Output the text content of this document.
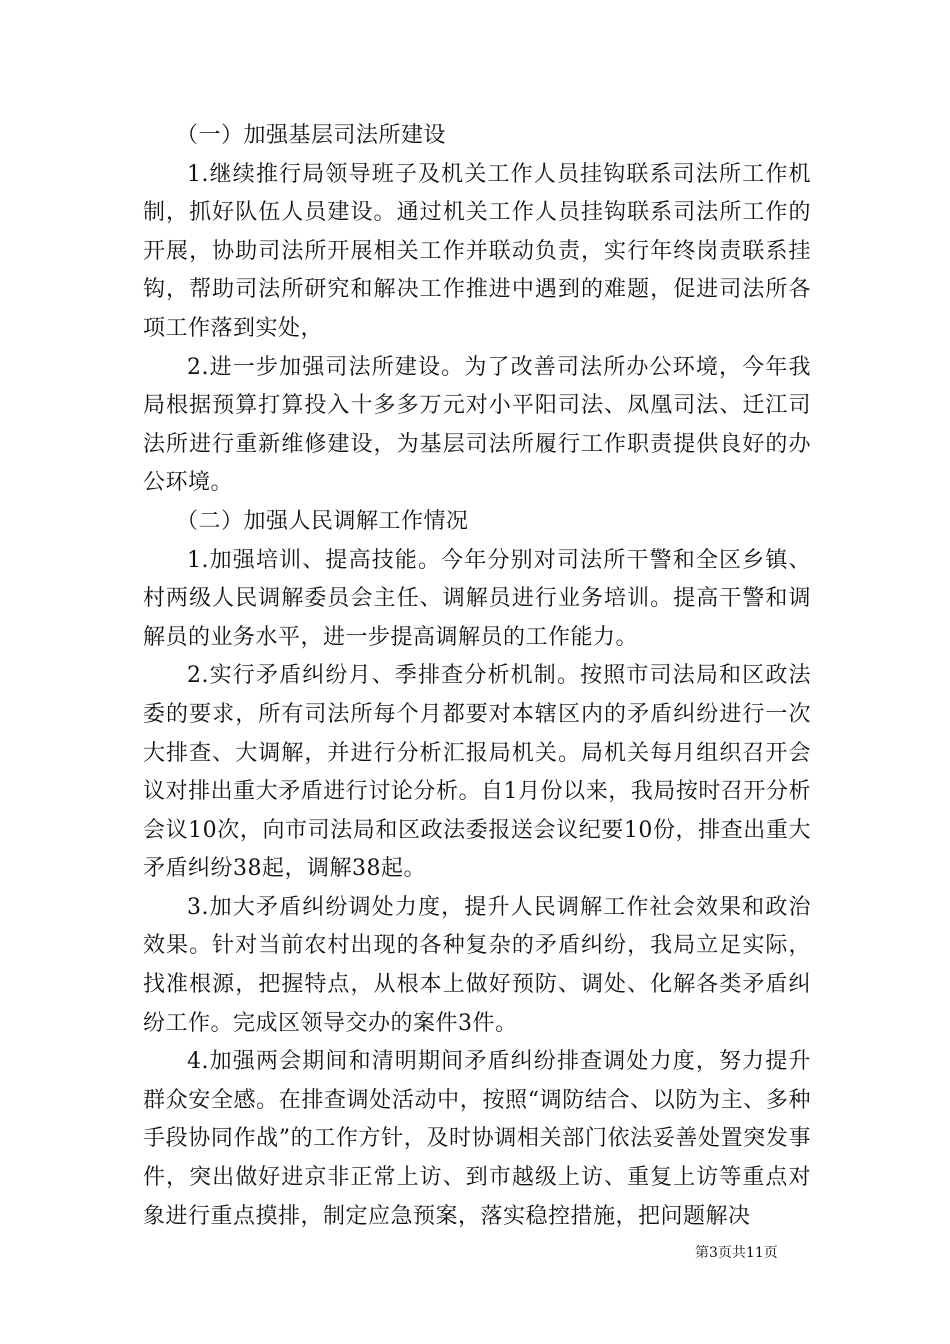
（一）加强基层司法所建设

1.继续推行局领导班子及机关工作人员挂钩联系司法所工作机制，抓好队伍人员建设。通过机关工作人员挂钩联系司法所工作的开展，协助司法所开展相关工作并联动负责，实行年终岗责联系挂钩，帮助司法所研究和解决工作推进中遇到的难题，促进司法所各项工作落到实处，

2.进一步加强司法所建设。为了改善司法所办公环境，今年我局根据预算打算投入十多多万元对小平阳司法、凤凰司法、迁江司法所进行重新维修建设，为基层司法所履行工作职责提供良好的办公环境。

（二）加强人民调解工作情况

1.加强培训、提高技能。今年分别对司法所干警和全区乡镇、村两级人民调解委员会主任、调解员进行业务培训。提高干警和调解员的业务水平，进一步提高调解员的工作能力。

2.实行矛盾纠纷月、季排查分析机制。按照市司法局和区政法委的要求，所有司法所每个月都要对本辖区内的矛盾纠纷进行一次大排查、大调解，并进行分析汇报局机关。局机关每月组织召开会议对排出重大矛盾进行讨论分析。自1月份以来，我局按时召开分析会议10次，向市司法局和区政法委报送会议纪要10份，排查出重大矛盾纠纷38起，调解38起。

3.加大矛盾纠纷调处力度，提升人民调解工作社会效果和政治效果。针对当前农村出现的各种复杂的矛盾纠纷，我局立足实际，找准根源，把握特点，从根本上做好预防、调处、化解各类矛盾纠纷工作。完成区领导交办的案件3件。

4.加强两会期间和清明期间矛盾纠纷排查调处力度，努力提升群众安全感。在排查调处活动中，按照“调防结合、以防为主、多种手段协同作战”的工作方针，及时协调相关部门依法妥善处置突发事件，突出做好进京非正常上访、到市越级上访、重复上访等重点对象进行重点摸排，制定应急预案，落实稳控措施，把问题解决

第3页共11页
